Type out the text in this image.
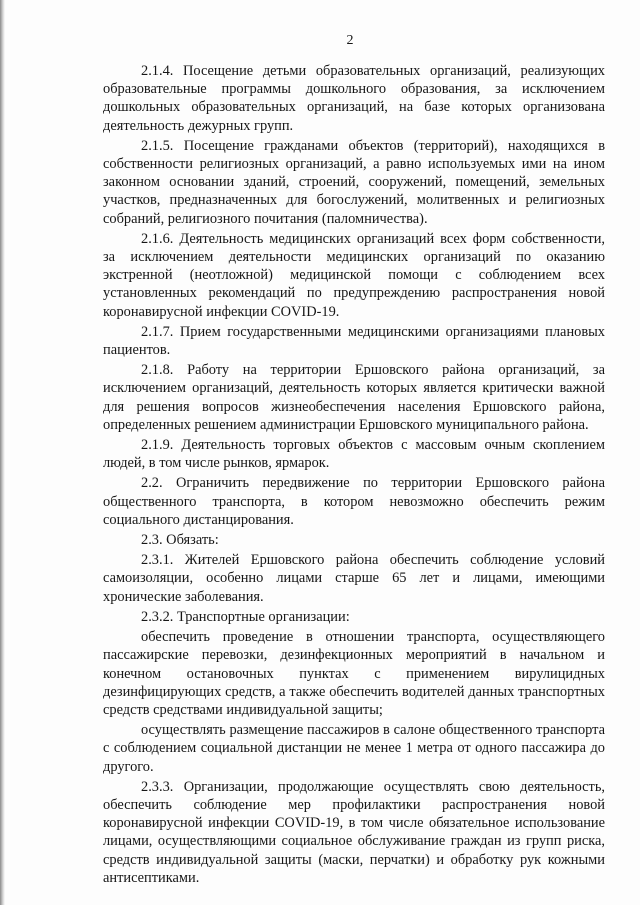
2

2.1.4. Посещение детьми образовательных организаций, реализующих образовательные программы дошкольного образования, за исключением дошкольных образовательных организаций, на базе которых организована деятельность дежурных групп.

2.1.5. Посещение гражданами объектов (территорий), находящихся в собственности религиозных организаций, а равно используемых ими на ином законном основании зданий, строений, сооружений, помещений, земельных участков, предназначенных для богослужений, молитвенных и религиозных собраний, религиозного почитания (паломничества).

2.1.6. Деятельность медицинских организаций всех форм собственности, за исключением деятельности медицинских организаций по оказанию экстренной (неотложной) медицинской помощи с соблюдением всех установленных рекомендаций по предупреждению распространения новой коронавирусной инфекции COVID-19.

2.1.7. Прием государственными медицинскими организациями плановых пациентов.

2.1.8. Работу на территории Ершовского района организаций, за исключением организаций, деятельность которых является критически важной для решения вопросов жизнеобеспечения населения Ершовского района, определенных решением администрации Ершовского муниципального района.

2.1.9. Деятельность торговых объектов с массовым очным скоплением людей, в том числе рынков, ярмарок.

2.2. Ограничить передвижение по территории Ершовского района общественного транспорта, в котором невозможно обеспечить режим социального дистанцирования.

2.3. Обязать:

2.3.1. Жителей Ершовского района обеспечить соблюдение условий самоизоляции, особенно лицами старше 65 лет и лицами, имеющими хронические заболевания.

2.3.2. Транспортные организации:

обеспечить проведение в отношении транспорта, осуществляющего пассажирские перевозки, дезинфекционных мероприятий в начальном и конечном остановочных пунктах с применением вирулицидных дезинфицирующих средств, а также обеспечить водителей данных транспортных средств средствами индивидуальной защиты;

осуществлять размещение пассажиров в салоне общественного транспорта с соблюдением социальной дистанции не менее 1 метра от одного пассажира до другого.

2.3.3. Организации, продолжающие осуществлять свою деятельность, обеспечить соблюдение мер профилактики распространения новой коронавирусной инфекции COVID-19, в том числе обязательное использование лицами, осуществляющими социальное обслуживание граждан из групп риска, средств индивидуальной защиты (маски, перчатки) и обработку рук кожными антисептиками.
